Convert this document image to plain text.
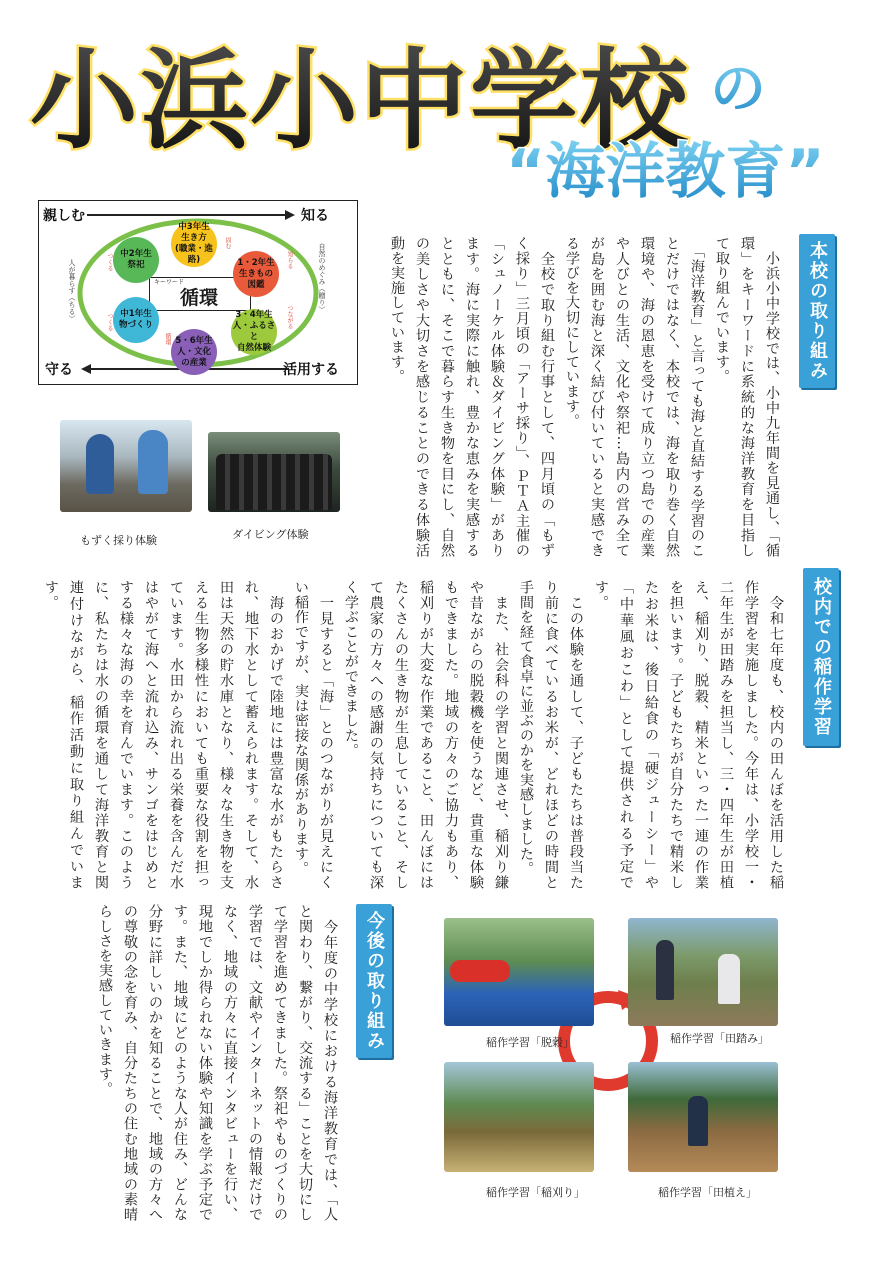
小浜小中学校 の
“海洋教育”
親しむ	知る
守る	活用する
人が暮らす（ちる）	自然のめぐみ（贈り）
固む
知らる
つながる
つくる
つくる
循環
キーワード
循環
中3年生
生き方
(職業・進路)	1・2年生
生きもの
図鑑
3・4年生
人・ふるさと
自然体験
5・6年生
人・文化
の産業
中1年生
物づくり
中2年生
祭祀
もずく採り体験	ダイビング体験
本校の取り組み
　小浜小中学校では、小中九年間を見通し、「循環」をキーワードに系統的な海洋教育を目指して取り組んでいます。
　「海洋教育」と言っても海と直結する学習のことだけではなく、本校では、海を取り巻く自然環境や、海の恩恵を受けて成り立つ島での産業や人びとの生活、文化や祭祀…島内の営み全てが島を囲む海と深く結び付いていると実感できる学びを大切にしています。
　全校で取り組む行事として、四月頃の「もずく採り」三月頃の「アーサ採り」、ＰＴＡ主催の「シュノーケル体験＆ダイビング体験」があります。海に実際に触れ、豊かな恵みを実感するとともに、そこで暮らす生き物を目にし、自然の美しさや大切さを感じることのできる体験活動を実施しています。
校内での稲作学習
　令和七年度も、校内の田んぼを活用した稲作学習を実施しました。今年は、小学校一・二年生が田踏みを担当し、三・四年生が田植え、稲刈り、脱穀、精米といった一連の作業を担います。子どもたちが自分たちで精米したお米は、後日給食の「硬ジューシー」や「中華風おこわ」として提供される予定です。
　この体験を通して、子どもたちは普段当たり前に食べているお米が、どれほどの時間と手間を経て食卓に並ぶのかを実感しました。
　また、社会科の学習と関連させ、稲刈り鎌や昔ながらの脱穀機を使うなど、貴重な体験もできました。地域の方々のご協力もあり、稲刈りが大変な作業であること、田んぼにはたくさんの生き物が生息していること、そして農家の方々への感謝の気持ちについても深く学ぶことができました。
　一見すると「海」とのつながりが見えにくい稲作ですが、実は密接な関係があります。
　海のおかげで陸地には豊富な水がもたらされ、地下水として蓄えられます。そして、水田は天然の貯水庫となり、様々な生き物を支える生物多様性においても重要な役割を担っています。水田から流れ出る栄養を含んだ水はやがて海へと流れ込み、サンゴをはじめとする様々な海の幸を育んでいます。このように、私たちは水の循環を通して海洋教育と関連付けながら、稲作活動に取り組んでいます。
今後の取り組み
　今年度の中学校における海洋教育では、「人と関わり、繋がり、交流する」ことを大切にして学習を進めてきました。祭祀やものづくりの学習では、文献やインターネットの情報だけでなく、地域の方々に直接インタビューを行い、現地でしか得られない体験や知識を学ぶ予定です。また、地域にどのような人が住み、どんな分野に詳しいのかを知ることで、地域の方々への尊敬の念を育み、自分たちの住む地域の素晴らしさを実感していきます。	稲作学習「脱穀」	稲作学習「田踏み」
稲作学習「稲刈り」	稲作学習「田植え」
